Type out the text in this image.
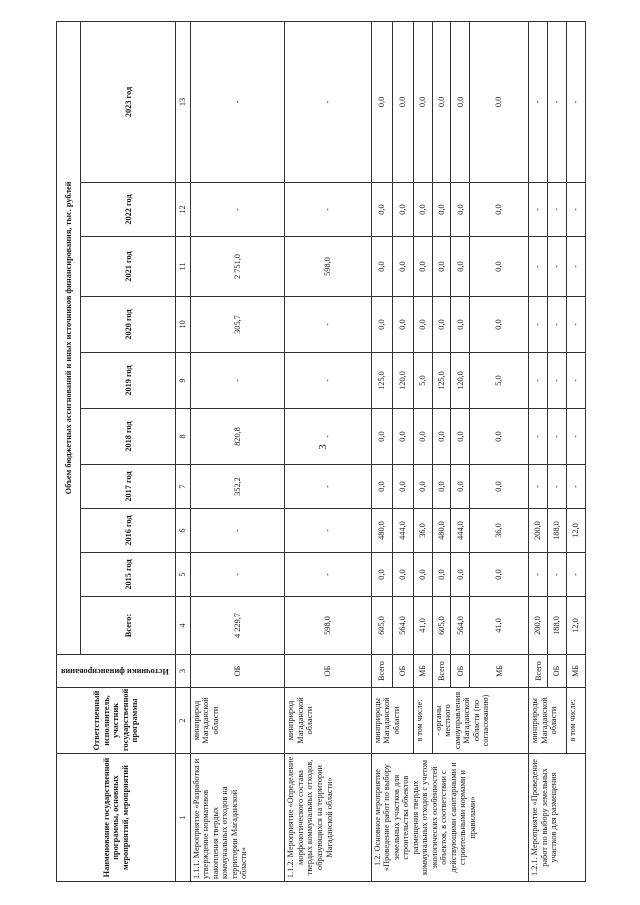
3
Наименование государственной программы, основных мероприятий, мероприятий	Ответственный исполнитель, участник государственной программы	Источники финансирования	Объем бюджетных ассигнований и иных источников финансирования, тыс. рублей									
			Всего:	2015 год	2016 год	2017 год	2018 год	2019 год	2020 год	2021 год	2022 год	2023 год
1	2	3	4	5	6	7	8	9	10	11	12	13
1.1.1. Мероприятие «Разработка и утверждение нормативов накопления твердых коммунальных отходов на территории Магаданской области»	минприрод Магаданской области	ОБ	4 229,7	-	-	352,2	820,8	-	305,7	2 751,0	-	-
1.1.2. Мероприятие «Определение морфологического состава твердых коммунальных отходов, образующихся на территории Магаданской области»	минприрод Магаданской области	ОБ	598,0	-	-	-	-	-	-	598,0	-	-
1.2. Основное мероприятие «Проведение работ по выбору земельных участков для строительства объектов размещения твердых коммунальных отходов с учетом экологических особенностей объектов, в соответствии с действующими санитарными и строительными нормами и правилами»	минприроды Магаданской области	Всего	605,0	0,0	480,0	0,0	0,0	125,0	0,0	0,0	0,0	0,0
		ОБ	564,0	0,0	444,0	0,0	0,0	120,0	0,0	0,0	0,0	0,0
	в том числе:	МБ	41,0	0,0	36,0	0,0	0,0	5,0	0,0	0,0	0,0	0,0
	- органы местного самоуправления Магаданской области (по согласованию)	Всего	605,0	0,0	480,0	0,0	0,0	125,0	0,0	0,0	0,0	0,0
		ОБ	564,0	0,0	444,0	0,0	0,0	120,0	0,0	0,0	0,0	0,0
		МБ	41,0	0,0	36,0	0,0	0,0	5,0	0,0	0,0	0,0	0,0
1.2.1. Мероприятие «Проведение работ по выбору земельных участков для размещения	минприроды Магаданской области	Всего	200,0	-	200,0	-	-	-	-	-	-	-
		ОБ	188,0	-	188,0	-	-	-	-	-	-	-
	в том числе:	МБ	12,0	-	12,0	-	-	-	-	-	-	-
